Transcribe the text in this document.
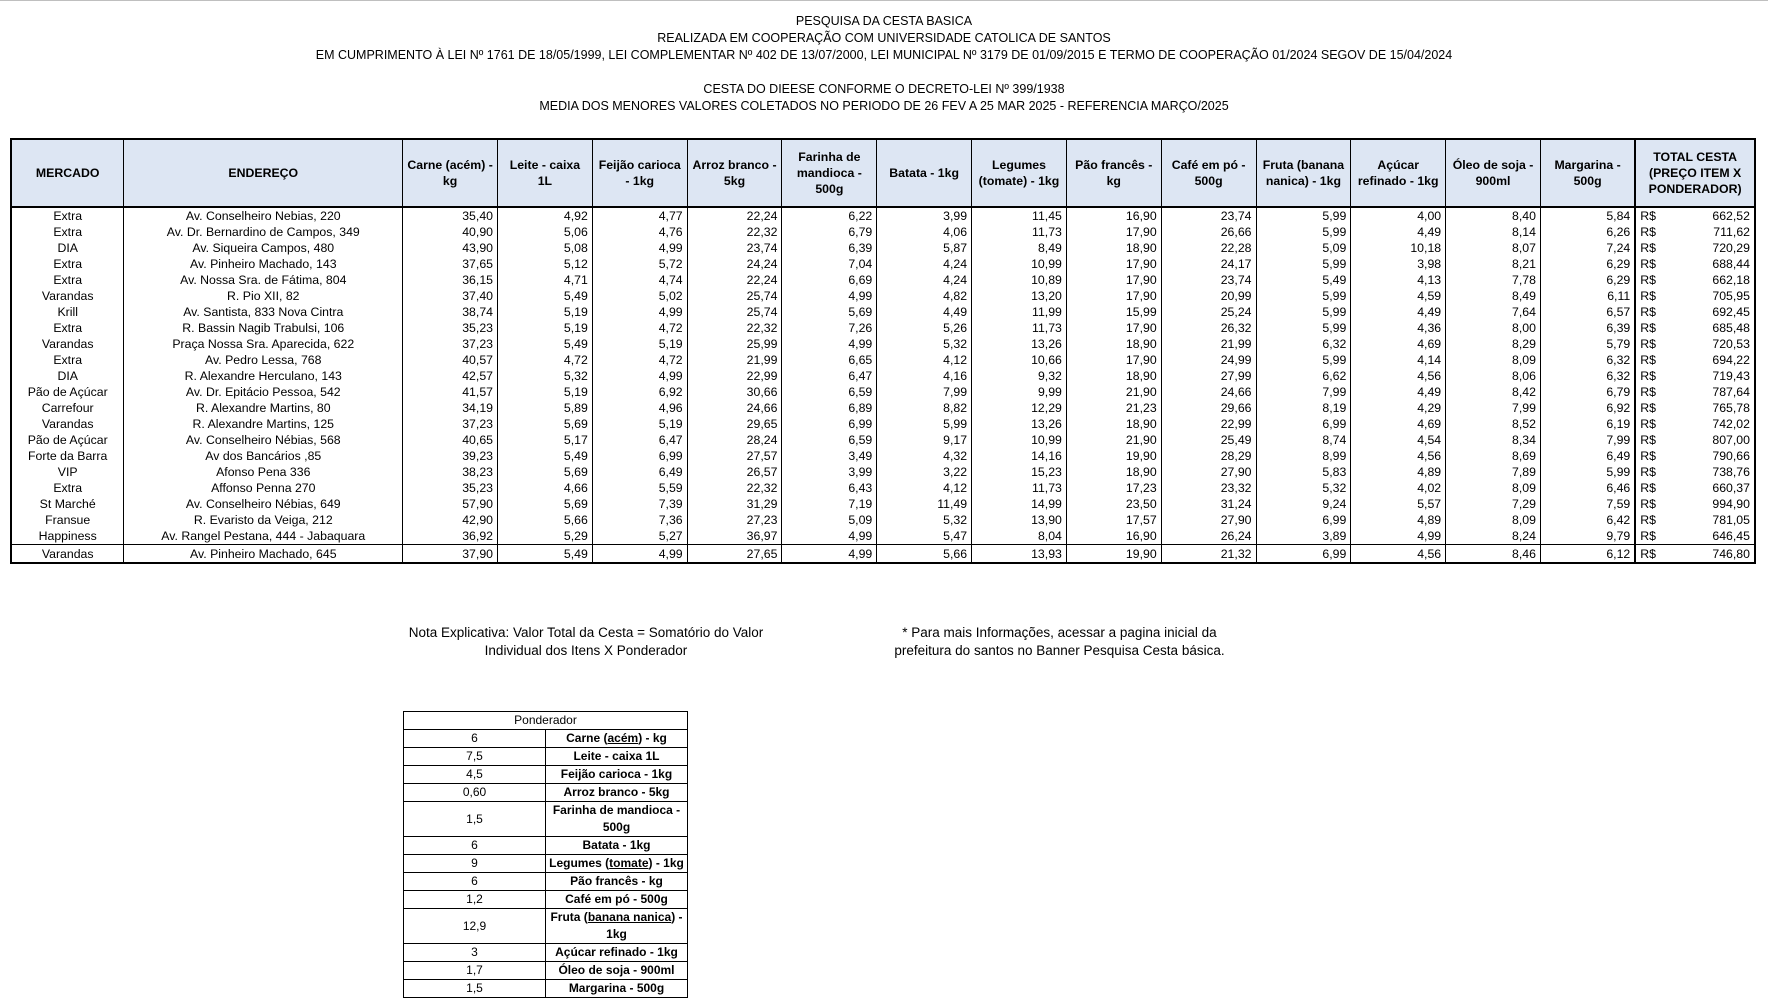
PESQUISA DA CESTA BASICA
REALIZADA EM COOPERAÇÃO COM UNIVERSIDADE CATOLICA DE SANTOS
EM CUMPRIMENTO À LEI Nº 1761 DE 18/05/1999, LEI COMPLEMENTAR Nº 402 DE 13/07/2000, LEI MUNICIPAL Nº 3179 DE 01/09/2015 E TERMO DE COOPERAÇÃO 01/2024 SEGOV DE 15/04/2024
CESTA DO DIEESE CONFORME O DECRETO-LEI Nº 399/1938
MEDIA DOS MENORES VALORES COLETADOS NO PERIODO DE 26 FEV A 25 MAR 2025 - REFERENCIA MARÇO/2025
MERCADO	ENDEREÇO	Carne (acém) - kg	Leite - caixa 1L	Feijão carioca - 1kg	Arroz branco - 5kg	Farinha de mandioca - 500g	Batata - 1kg	Legumes (tomate) - 1kg	Pão francês - kg	Café em pó - 500g	Fruta (banana nanica) - 1kg	Açúcar refinado - 1kg	Óleo de soja - 900ml	Margarina - 500g	TOTAL CESTA (PREÇO ITEM X PONDERADOR)
Extra	Av. Conselheiro Nebias, 220	35,40	4,92	4,77	22,24	6,22	3,99	11,45	16,90	23,74	5,99	4,00	8,40	5,84	R$ 662,52

Extra	Av. Dr. Bernardino de Campos, 349	40,90	5,06	4,76	22,32	6,79	4,06	11,73	17,90	26,66	5,99	4,49	8,14	6,26	R$ 711,62

DIA	Av. Siqueira Campos, 480	43,90	5,08	4,99	23,74	6,39	5,87	8,49	18,90	22,28	5,09	10,18	8,07	7,24	R$ 720,29

Extra	Av. Pinheiro Machado, 143	37,65	5,12	5,72	24,24	7,04	4,24	10,99	17,90	24,17	5,99	3,98	8,21	6,29	R$ 688,44

Extra	Av. Nossa Sra. de Fátima, 804	36,15	4,71	4,74	22,24	6,69	4,24	10,89	17,90	23,74	5,49	4,13	7,78	6,29	R$ 662,18

Varandas	R. Pio XII, 82	37,40	5,49	5,02	25,74	4,99	4,82	13,20	17,90	20,99	5,99	4,59	8,49	6,11	R$ 705,95

Krill	Av. Santista, 833 Nova Cintra	38,74	5,19	4,99	25,74	5,69	4,49	11,99	15,99	25,24	5,99	4,49	7,64	6,57	R$ 692,45

Extra	R. Bassin Nagib Trabulsi, 106	35,23	5,19	4,72	22,32	7,26	5,26	11,73	17,90	26,32	5,99	4,36	8,00	6,39	R$ 685,48

Varandas	Praça Nossa Sra. Aparecida, 622	37,23	5,49	5,19	25,99	4,99	5,32	13,26	18,90	21,99	6,32	4,69	8,29	5,79	R$ 720,53

Extra	Av. Pedro Lessa, 768	40,57	4,72	4,72	21,99	6,65	4,12	10,66	17,90	24,99	5,99	4,14	8,09	6,32	R$ 694,22

DIA	R. Alexandre Herculano, 143	42,57	5,32	4,99	22,99	6,47	4,16	9,32	18,90	27,99	6,62	4,56	8,06	6,32	R$ 719,43

Pão de Açúcar	Av. Dr. Epitácio Pessoa, 542	41,57	5,19	6,92	30,66	6,59	7,99	9,99	21,90	24,66	7,99	4,49	8,42	6,79	R$ 787,64

Carrefour	R. Alexandre Martins, 80	34,19	5,89	4,96	24,66	6,89	8,82	12,29	21,23	29,66	8,19	4,29	7,99	6,92	R$ 765,78

Varandas	R. Alexandre Martins, 125	37,23	5,69	5,19	29,65	6,99	5,99	13,26	18,90	22,99	6,99	4,69	8,52	6,19	R$ 742,02

Pão de Açúcar	Av. Conselheiro Nébias, 568	40,65	5,17	6,47	28,24	6,59	9,17	10,99	21,90	25,49	8,74	4,54	8,34	7,99	R$ 807,00

Forte da Barra	Av dos Bancários ,85	39,23	5,49	6,99	27,57	3,49	4,32	14,16	19,90	28,29	8,99	4,56	8,69	6,49	R$ 790,66

VIP	Afonso Pena 336	38,23	5,69	6,49	26,57	3,99	3,22	15,23	18,90	27,90	5,83	4,89	7,89	5,99	R$ 738,76

Extra	Affonso Penna 270	35,23	4,66	5,59	22,32	6,43	4,12	11,73	17,23	23,32	5,32	4,02	8,09	6,46	R$ 660,37

St Marché	Av. Conselheiro Nébias, 649	57,90	5,69	7,39	31,29	7,19	11,49	14,99	23,50	31,24	9,24	5,57	7,29	7,59	R$ 994,90

Fransue	R. Evaristo da Veiga, 212	42,90	5,66	7,36	27,23	5,09	5,32	13,90	17,57	27,90	6,99	4,89	8,09	6,42	R$ 781,05

Happiness	Av. Rangel Pestana, 444 - Jabaquara	36,92	5,29	5,27	36,97	4,99	5,47	8,04	16,90	26,24	3,89	4,99	8,24	9,79	R$ 646,45

Varandas	Av. Pinheiro Machado, 645	37,90	5,49	4,99	27,65	4,99	5,66	13,93	19,90	21,32	6,99	4,56	8,46	6,12	R$ 746,80
Nota Explicativa: Valor Total da Cesta = Somatório do Valor
Individual dos Itens X Ponderador
* Para mais Informações, acessar a pagina inicial da
prefeitura do santos no Banner Pesquisa Cesta básica.
Ponderador	
6	Carne (acém) - kg
7,5	Leite - caixa 1L
4,5	Feijão carioca - 1kg
0,60	Arroz branco - 5kg
1,5	Farinha de mandioca - 500g
6	Batata - 1kg
9	Legumes (tomate) - 1kg
6	Pão francês - kg
1,2	Café em pó - 500g
12,9	Fruta (banana nanica) - 1kg
3	Açúcar refinado - 1kg
1,7	Óleo de soja - 900ml
1,5	Margarina - 500g
